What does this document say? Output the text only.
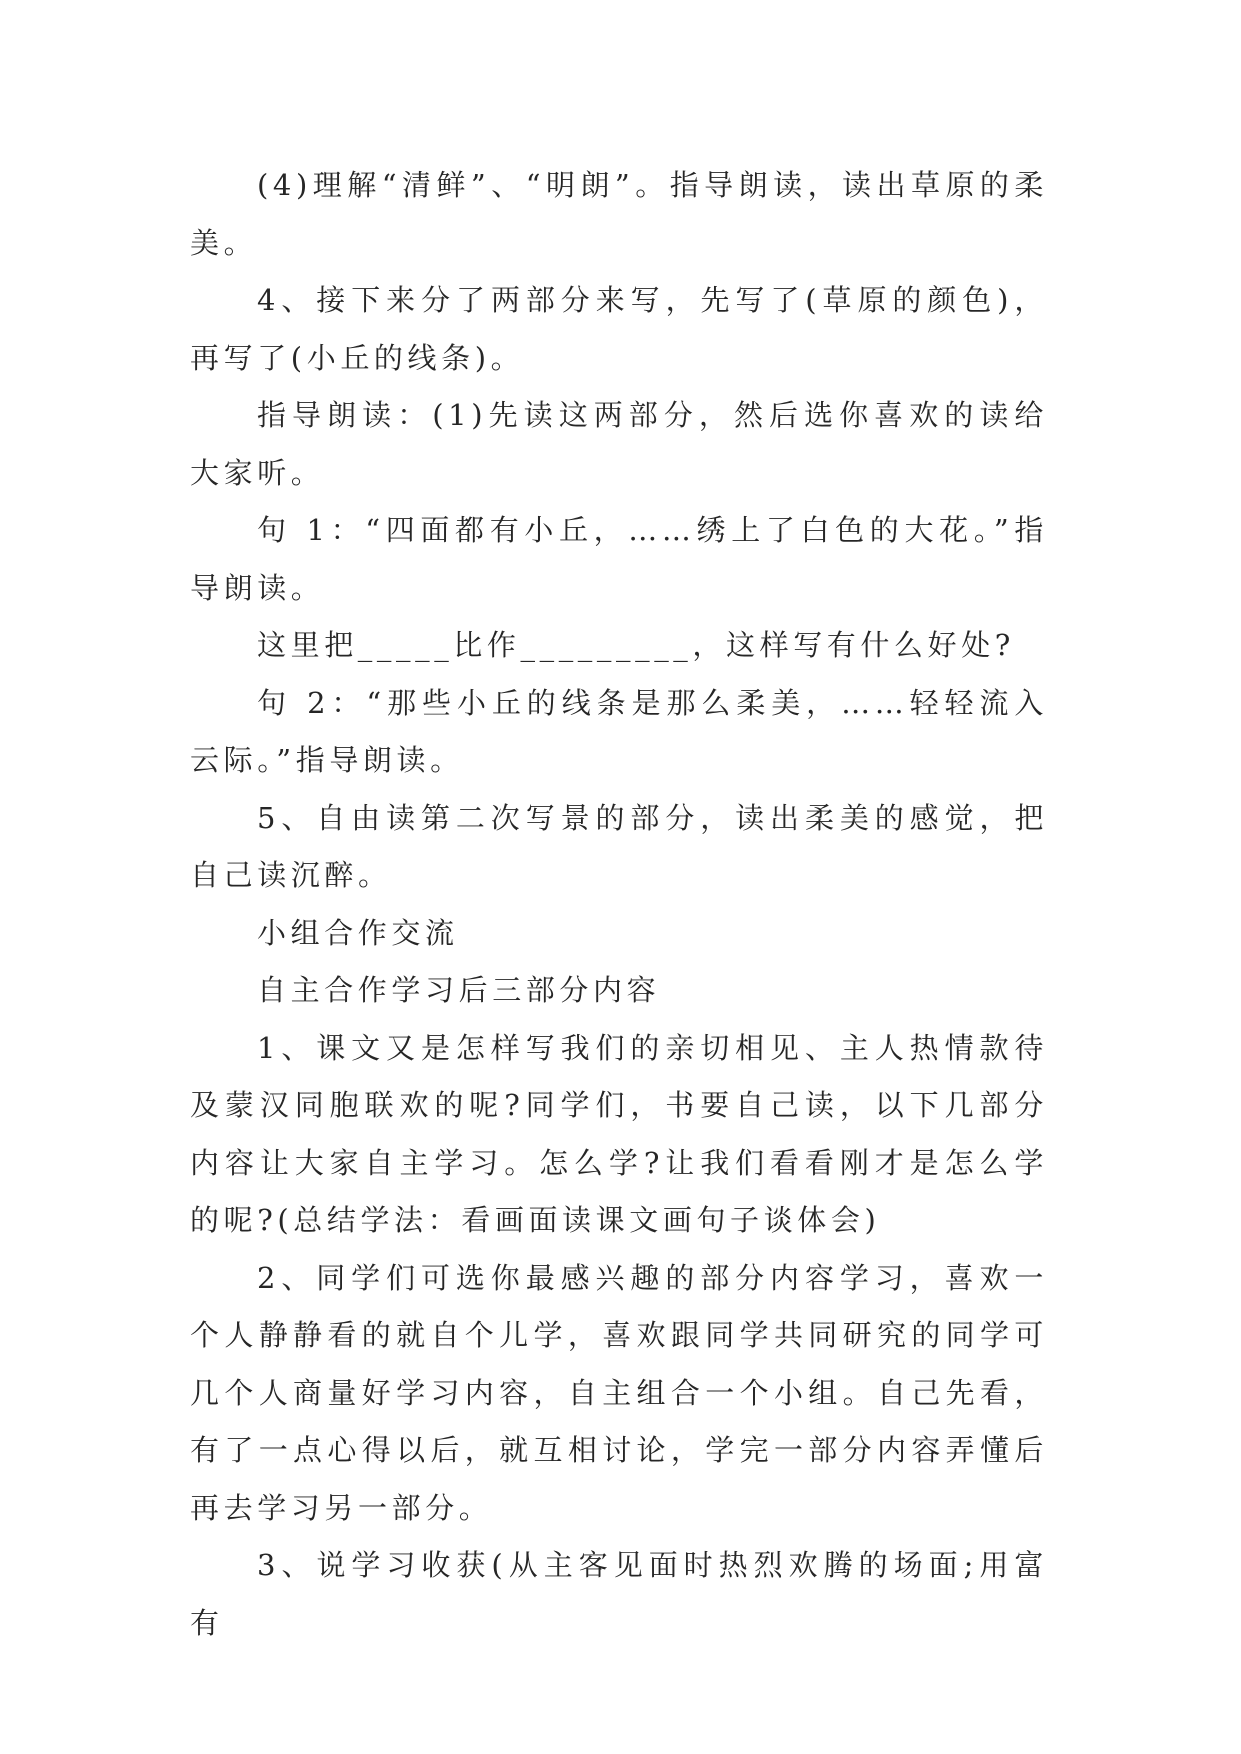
(4)理解“清鲜”、“明朗”。指导朗读，读出草原的柔美。

4、接下来分了两部分来写，先写了(草原的颜色)，再写了(小丘的线条)。

指导朗读：(1)先读这两部分，然后选你喜欢的读给大家听。

句 1：“四面都有小丘，……绣上了白色的大花。”指导朗读。

这里把_____比作_________，这样写有什么好处?

句 2：“那些小丘的线条是那么柔美，……轻轻流入云际。”指导朗读。

5、自由读第二次写景的部分，读出柔美的感觉，把自己读沉醉。

小组合作交流

自主合作学习后三部分内容

1、课文又是怎样写我们的亲切相见、主人热情款待及蒙汉同胞联欢的呢?同学们，书要自己读，以下几部分内容让大家自主学习。怎么学?让我们看看刚才是怎么学的呢?(总结学法：看画面读课文画句子谈体会)

2、同学们可选你最感兴趣的部分内容学习，喜欢一个人静静看的就自个儿学，喜欢跟同学共同研究的同学可几个人商量好学习内容，自主组合一个小组。自己先看，有了一点心得以后，就互相讨论，学完一部分内容弄懂后再去学习另一部分。

3、说学习收获(从主客见面时热烈欢腾的场面;用富有
